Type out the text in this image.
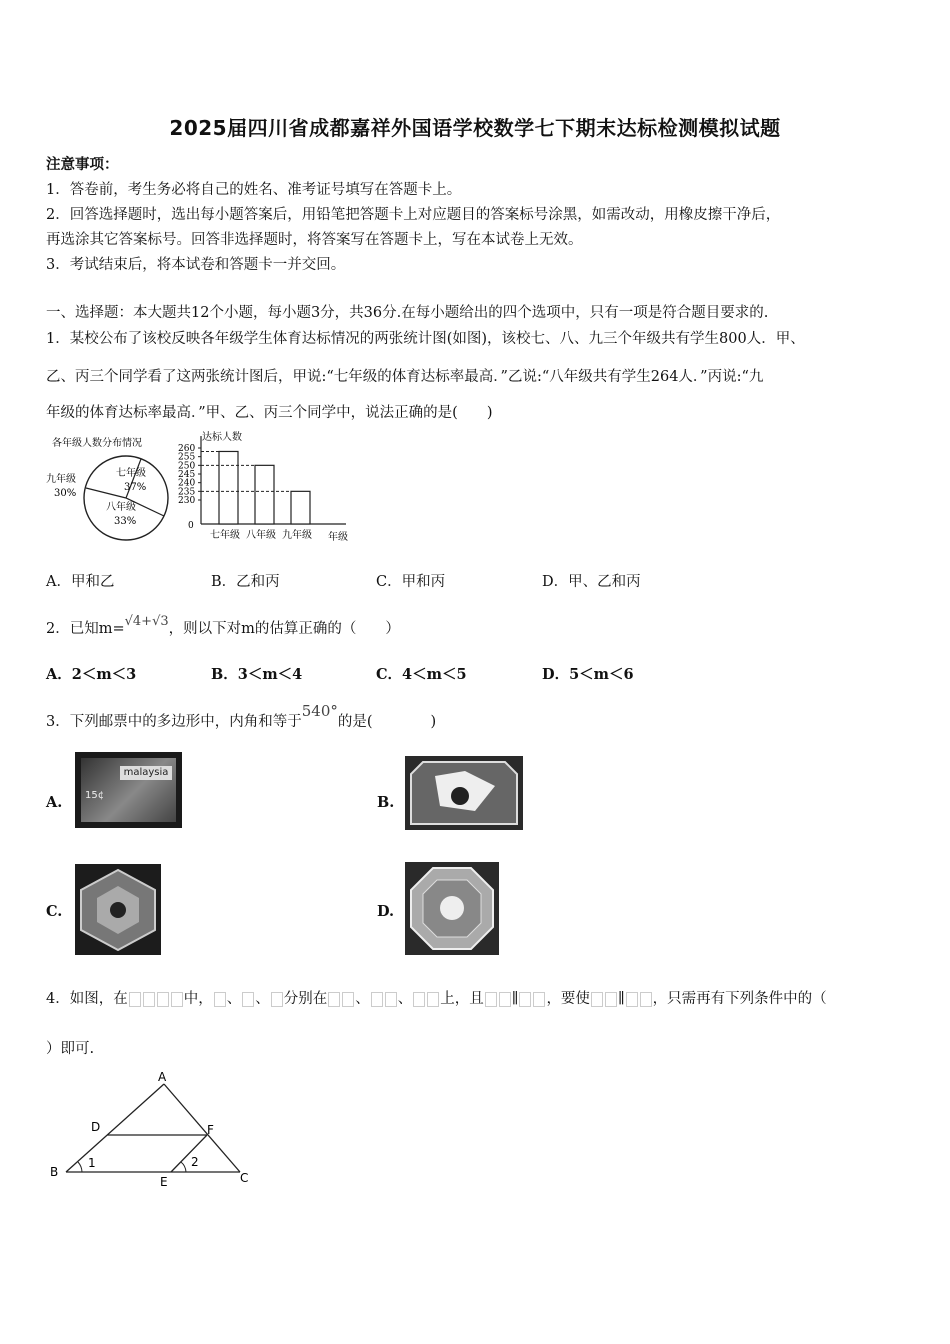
2025届四川省成都嘉祥外国语学校数学七下期末达标检测模拟试题
注意事项：
1．答卷前，考生务必将自己的姓名、准考证号填写在答题卡上。
2．回答选择题时，选出每小题答案后，用铅笔把答题卡上对应题目的答案标号涂黑，如需改动，用橡皮擦干净后，
再选涂其它答案标号。回答非选择题时，将答案写在答题卡上，写在本试卷上无效。
3．考试结束后，将本试卷和答题卡一并交回。
一、选择题：本大题共12个小题，每小题3分，共36分.在每小题给出的四个选项中，只有一项是符合题目要求的.
1．某校公布了该校反映各年级学生体育达标情况的两张统计图(如图)，该校七、八、九三个年级共有学生800人．甲、
乙、丙三个同学看了这两张统计图后，甲说:“七年级的体育达标率最高．”乙说:“八年级共有学生264人．”丙说:“九
年级的体育达标率最高．”甲、乙、丙三个同学中，说法正确的是(　　)
各年级人数分布情况
七年级
37%
八年级
33%
九年级
30%
达标人数
年级
260
255
250
245
240
235
230
0
七年级 八年级 九年级
A．甲和乙	B．乙和丙	C．甲和丙	D．甲、乙和丙
2．已知m=√4+√3，则以下对m的估算正确的（　　）
A．2＜m＜3	B．3＜m＜4	C．4＜m＜5	D．5＜m＜6
3．下列邮票中的多边形中，内角和等于540°的是(　　　　)
A.
malaysia
15¢	B.
C.	D.
4．如图，在	中， 、 、 分别在 、 、 上，且 ∥ ，要使 ∥ ，只需再有下列条件中的（
）即可.
A
B	C
D
E
F
1	2
